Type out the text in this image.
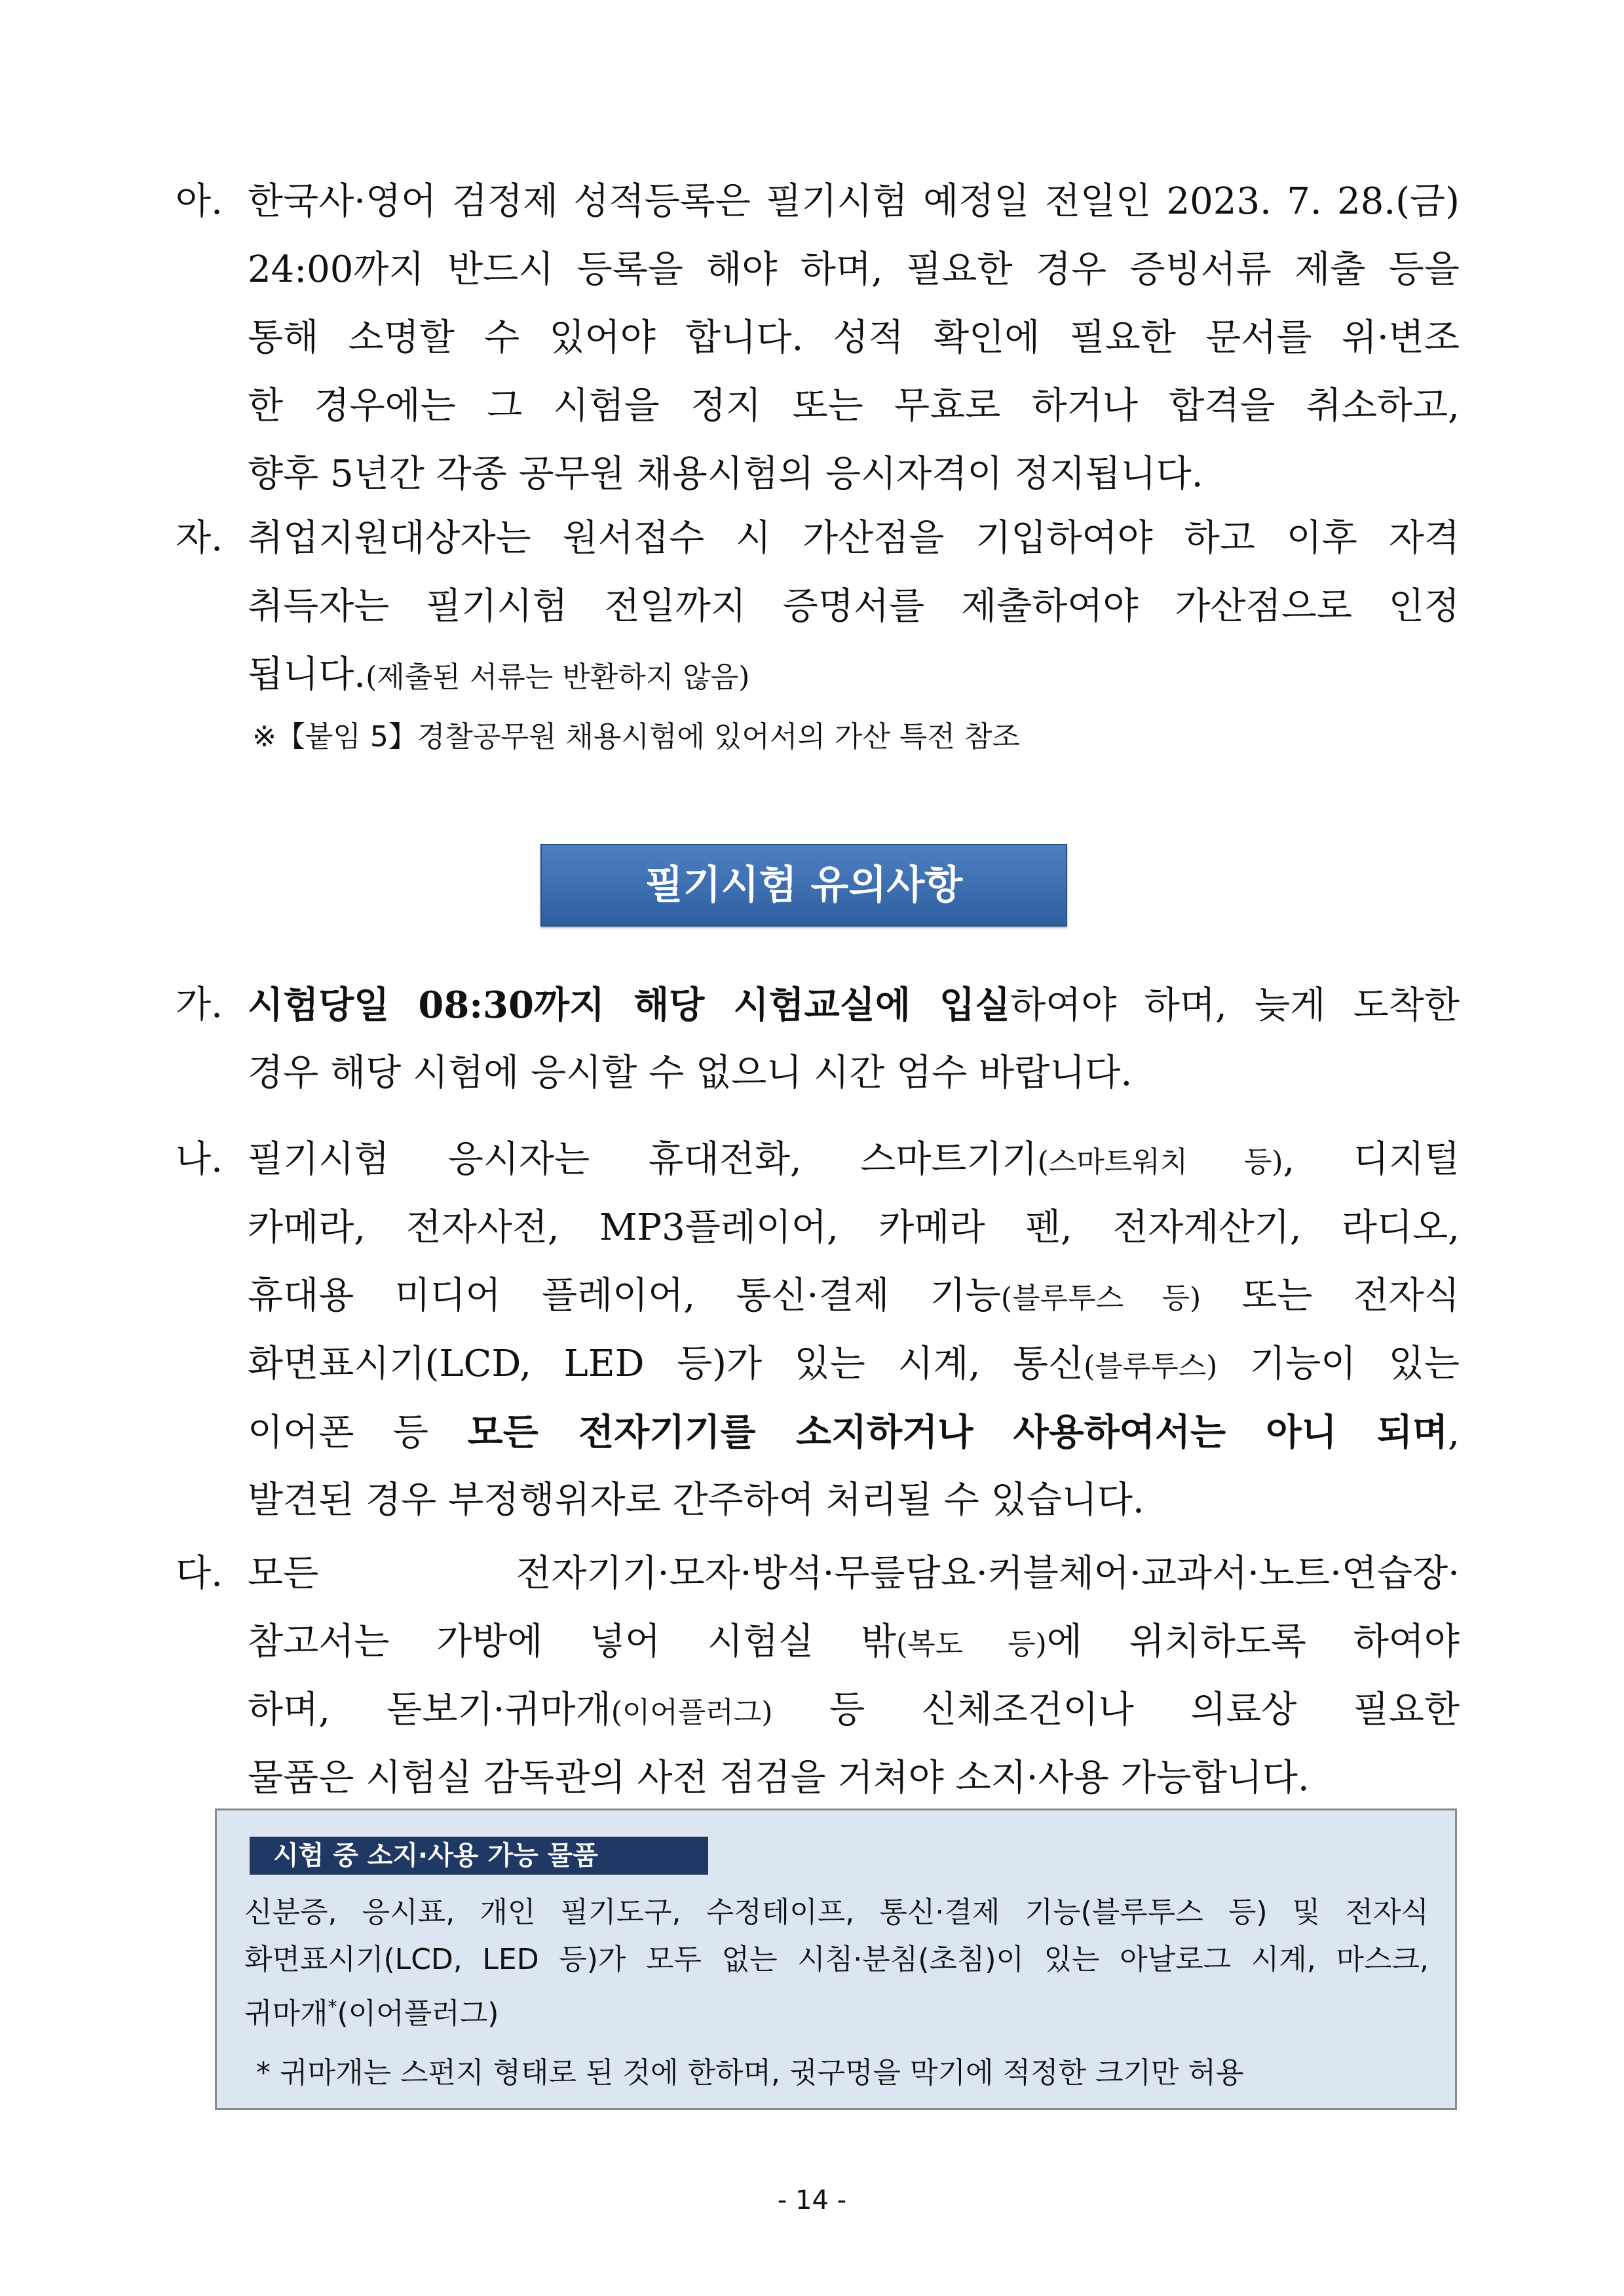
아. 한국사·영어 검정제 성적등록은 필기시험 예정일 전일인 2023. 7. 28.(금)
24:00까지 반드시 등록을 해야 하며, 필요한 경우 증빙서류 제출 등을
통해 소명할 수 있어야 합니다. 성적 확인에 필요한 문서를 위·변조
한 경우에는 그 시험을 정지 또는 무효로 하거나 합격을 취소하고,
향후 5년간 각종 공무원 채용시험의 응시자격이 정지됩니다.
자. 취업지원대상자는 원서접수 시 가산점을 기입하여야 하고 이후 자격
취득자는 필기시험 전일까지 증명서를 제출하여야 가산점으로 인정
됩니다.(제출된 서류는 반환하지 않음)
※【붙임 5】경찰공무원 채용시험에 있어서의 가산 특전 참조
필기시험 유의사항
가. 시험당일 08:30까지 해당 시험교실에 입실하여야 하며, 늦게 도착한
경우 해당 시험에 응시할 수 없으니 시간 엄수 바랍니다.
나. 필기시험 응시자는 휴대전화, 스마트기기(스마트워치 등), 디지털
카메라, 전자사전, MP3플레이어, 카메라 펜, 전자계산기, 라디오,
휴대용 미디어 플레이어, 통신·결제 기능(블루투스 등) 또는 전자식
화면표시기(LCD, LED 등)가 있는 시계, 통신(블루투스) 기능이 있는
이어폰 등 모든 전자기기를 소지하거나 사용하여서는 아니 되며,
발견된 경우 부정행위자로 간주하여 처리될 수 있습니다.
다. 모든 전자기기·모자·방석·무릎담요·커블체어·교과서·노트·연습장·
참고서는 가방에 넣어 시험실 밖(복도 등)에 위치하도록 하여야
하며, 돋보기·귀마개(이어플러그) 등 신체조건이나 의료상 필요한
물품은 시험실 감독관의 사전 점검을 거쳐야 소지·사용 가능합니다.
시험 중 소지·사용 가능 물품
신분증, 응시표, 개인 필기도구, 수정테이프, 통신·결제 기능(블루투스 등) 및 전자식
화면표시기(LCD, LED 등)가 모두 없는 시침·분침(초침)이 있는 아날로그 시계, 마스크,
귀마개*(이어플러그)
* 귀마개는 스펀지 형태로 된 것에 한하며, 귓구멍을 막기에 적정한 크기만 허용
- 14 -
